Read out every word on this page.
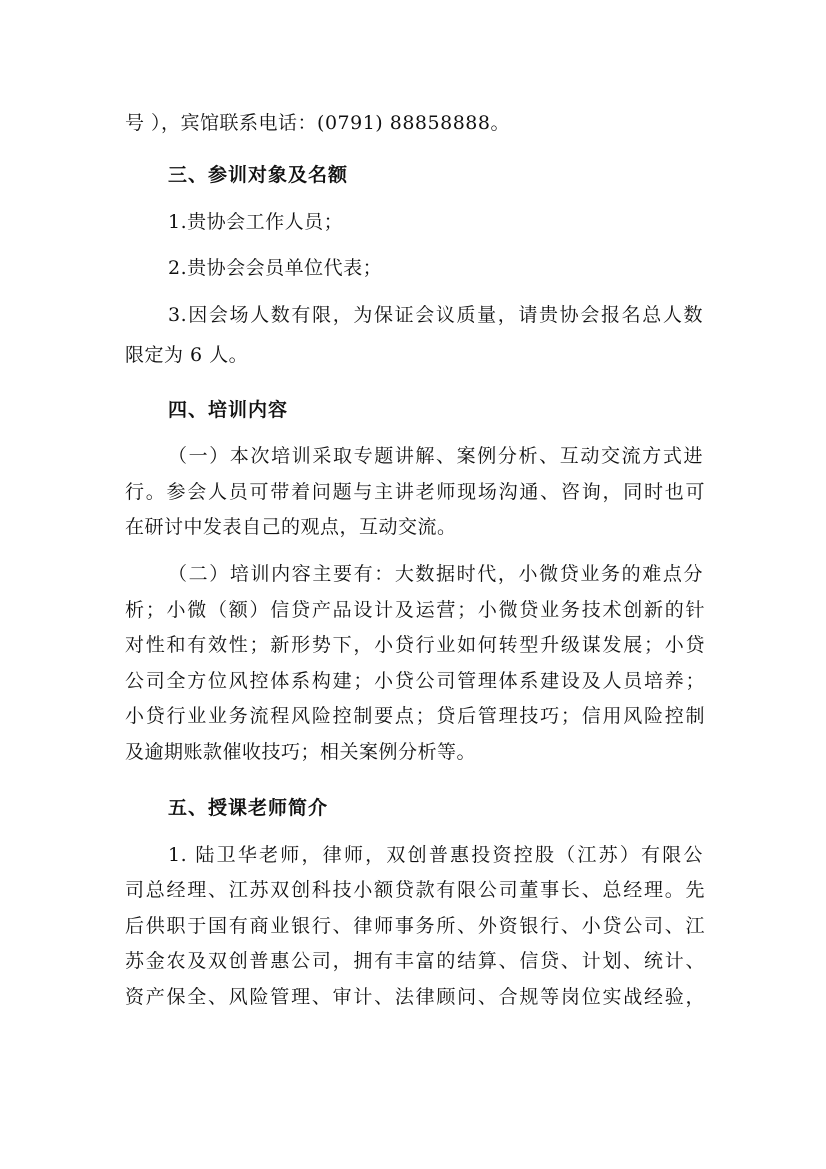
号 ），宾馆联系电话：(0791) 88858888。
三、参训对象及名额
1.贵协会工作人员；
2.贵协会会员单位代表；
3.因会场人数有限，为保证会议质量，请贵协会报名总人数
限定为 6 人。
四、培训内容
（一）本次培训采取专题讲解、案例分析、互动交流方式进
行。参会人员可带着问题与主讲老师现场沟通、咨询，同时也可
在研讨中发表自己的观点，互动交流。
（二）培训内容主要有：大数据时代，小微贷业务的难点分
析；小微（额）信贷产品设计及运营；小微贷业务技术创新的针
对性和有效性；新形势下，小贷行业如何转型升级谋发展；小贷
公司全方位风控体系构建；小贷公司管理体系建设及人员培养；
小贷行业业务流程风险控制要点；贷后管理技巧；信用风险控制
及逾期账款催收技巧；相关案例分析等。
五、授课老师简介
1. 陆卫华老师，律师，双创普惠投资控股（江苏）有限公
司总经理、江苏双创科技小额贷款有限公司董事长、总经理。先
后供职于国有商业银行、律师事务所、外资银行、小贷公司、江
苏金农及双创普惠公司，拥有丰富的结算、信贷、计划、统计、
资产保全、风险管理、审计、法律顾问、合规等岗位实战经验，
